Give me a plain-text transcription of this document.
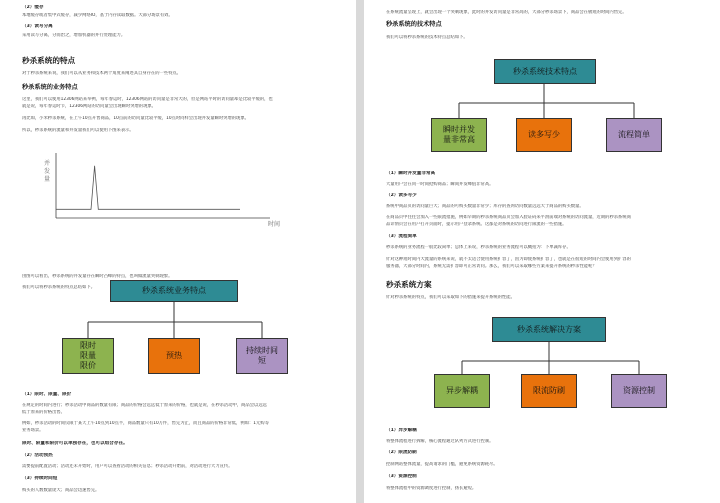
（2）缓存
本地缓存或者集中式缓存，减少网络IO，基于内存读取数据。大部分场景有效。
（3）读写分离
采用读写分离，分而治之，增加机器的并行处理能力。
秒杀系统的特点
对于秒杀系统来说，我们可以从业务和技术两个角度来阐述其自身存在的一些特点。
秒杀系统的业务特点
这里，我们可以使用12306网站来举例，每年春运时，12306网站的访问量是非常大的，但是网站平时的访问量却是比较平缓的，也
就是说，每年春运时节，12306网站的访问量会出现瞬时突增的现象。
再比如，小米秒杀系统，在上午10点开售商品，10点前的访问量比较平缓，10点时同样会出现并发量瞬时突增的现象。
所以，秒杀系统的流量和并发量我们可以使用下图来表示。
并
发
量
时间
由图可以看出，秒杀系统的并发量存在瞬时凸峰的特点，也叫做流量突刺现象。
我们可以将秒杀系统的特点总结如下。	秒杀系统业务特点
限时
限量
限价
预热
持续时间
短
（1）限时、限量、限价
在规定的时间内进行；秒杀活动中商品的数量有限；商品的价格会远远低于原来的价格，也就是说，在秒杀活动中，商品会以远远
低于原来的价格出售。
例如，秒杀活动的时间仅限于某天上午10点到10点半，商品数量只有10万件，售完为止，而且商品的价格非常低，例如：1元购等
业务场景。
限时、限量和限价可以单独存在，也可以组合存在。
（2）活动预热
需要提前配置活动；活动还未开始时，用户可以查看活动的相关信息；秒杀活动开始前，对活动进行大力宣传。
（3）持续时间短
购买的人数数量庞大；商品会迅速售完。
在系统流量呈现上，就会出现一个突刺现象，此时的并发访问量是非常高的，大部分秒杀场景下，商品会在极短的时间内售完。
秒杀系统的技术特点
我们可以将秒杀系统的技术特点总结如下。
秒杀系统技术特点
瞬时并发
量非常高
读多写少	流程简单
（1）瞬时并发量非常高
大量用户会在同一时间抢购商品；瞬间并发峰值非常高。
（2）读多写少
系统中商品页的访问量巨大；商品的可购买数量非常少；库存的查询访问数量远远大于商品的购买数量。
在商品页中往往会加入一些限流措施，例如早期的秒杀系统商品页会加入验证码来平滑前端对系统的访问流量，近期的秒杀系统商
品详情页会在用户打开页面时，提示用户登录系统。这都是对系统的访问进行限流的一些措施。
（3）流程简单
秒杀系统的业务流程一般比较简单；总体上来说，秒杀系统的业务流程可以概括为：下单减库存。
针对这种短时间内大流量的系统来说，就不太适合使用系统扩容了，因为即使系统扩容了，也就是在很短的时间内会使用到扩容的
服务器，大部分时间内，系统无需扩容即可正常访问。那么，我们可以采取哪些方案来提升系统的秒杀性能呢？
秒杀系统方案
针对秒杀系统的特点，我们可以采取如下的措施来提升系统的性能。
秒杀系统解决方案
异步解耦	限流防刷	资源控制
（1）异步解耦
将整体流程进行拆解，核心流程通过队列方式进行控制。
（2）限流防刷
控制网站整体流量，提高请求的门槛，避免系统资源耗尽。
（3）资源控制
将整体流程中的资源调度进行控制，扬长避短。
